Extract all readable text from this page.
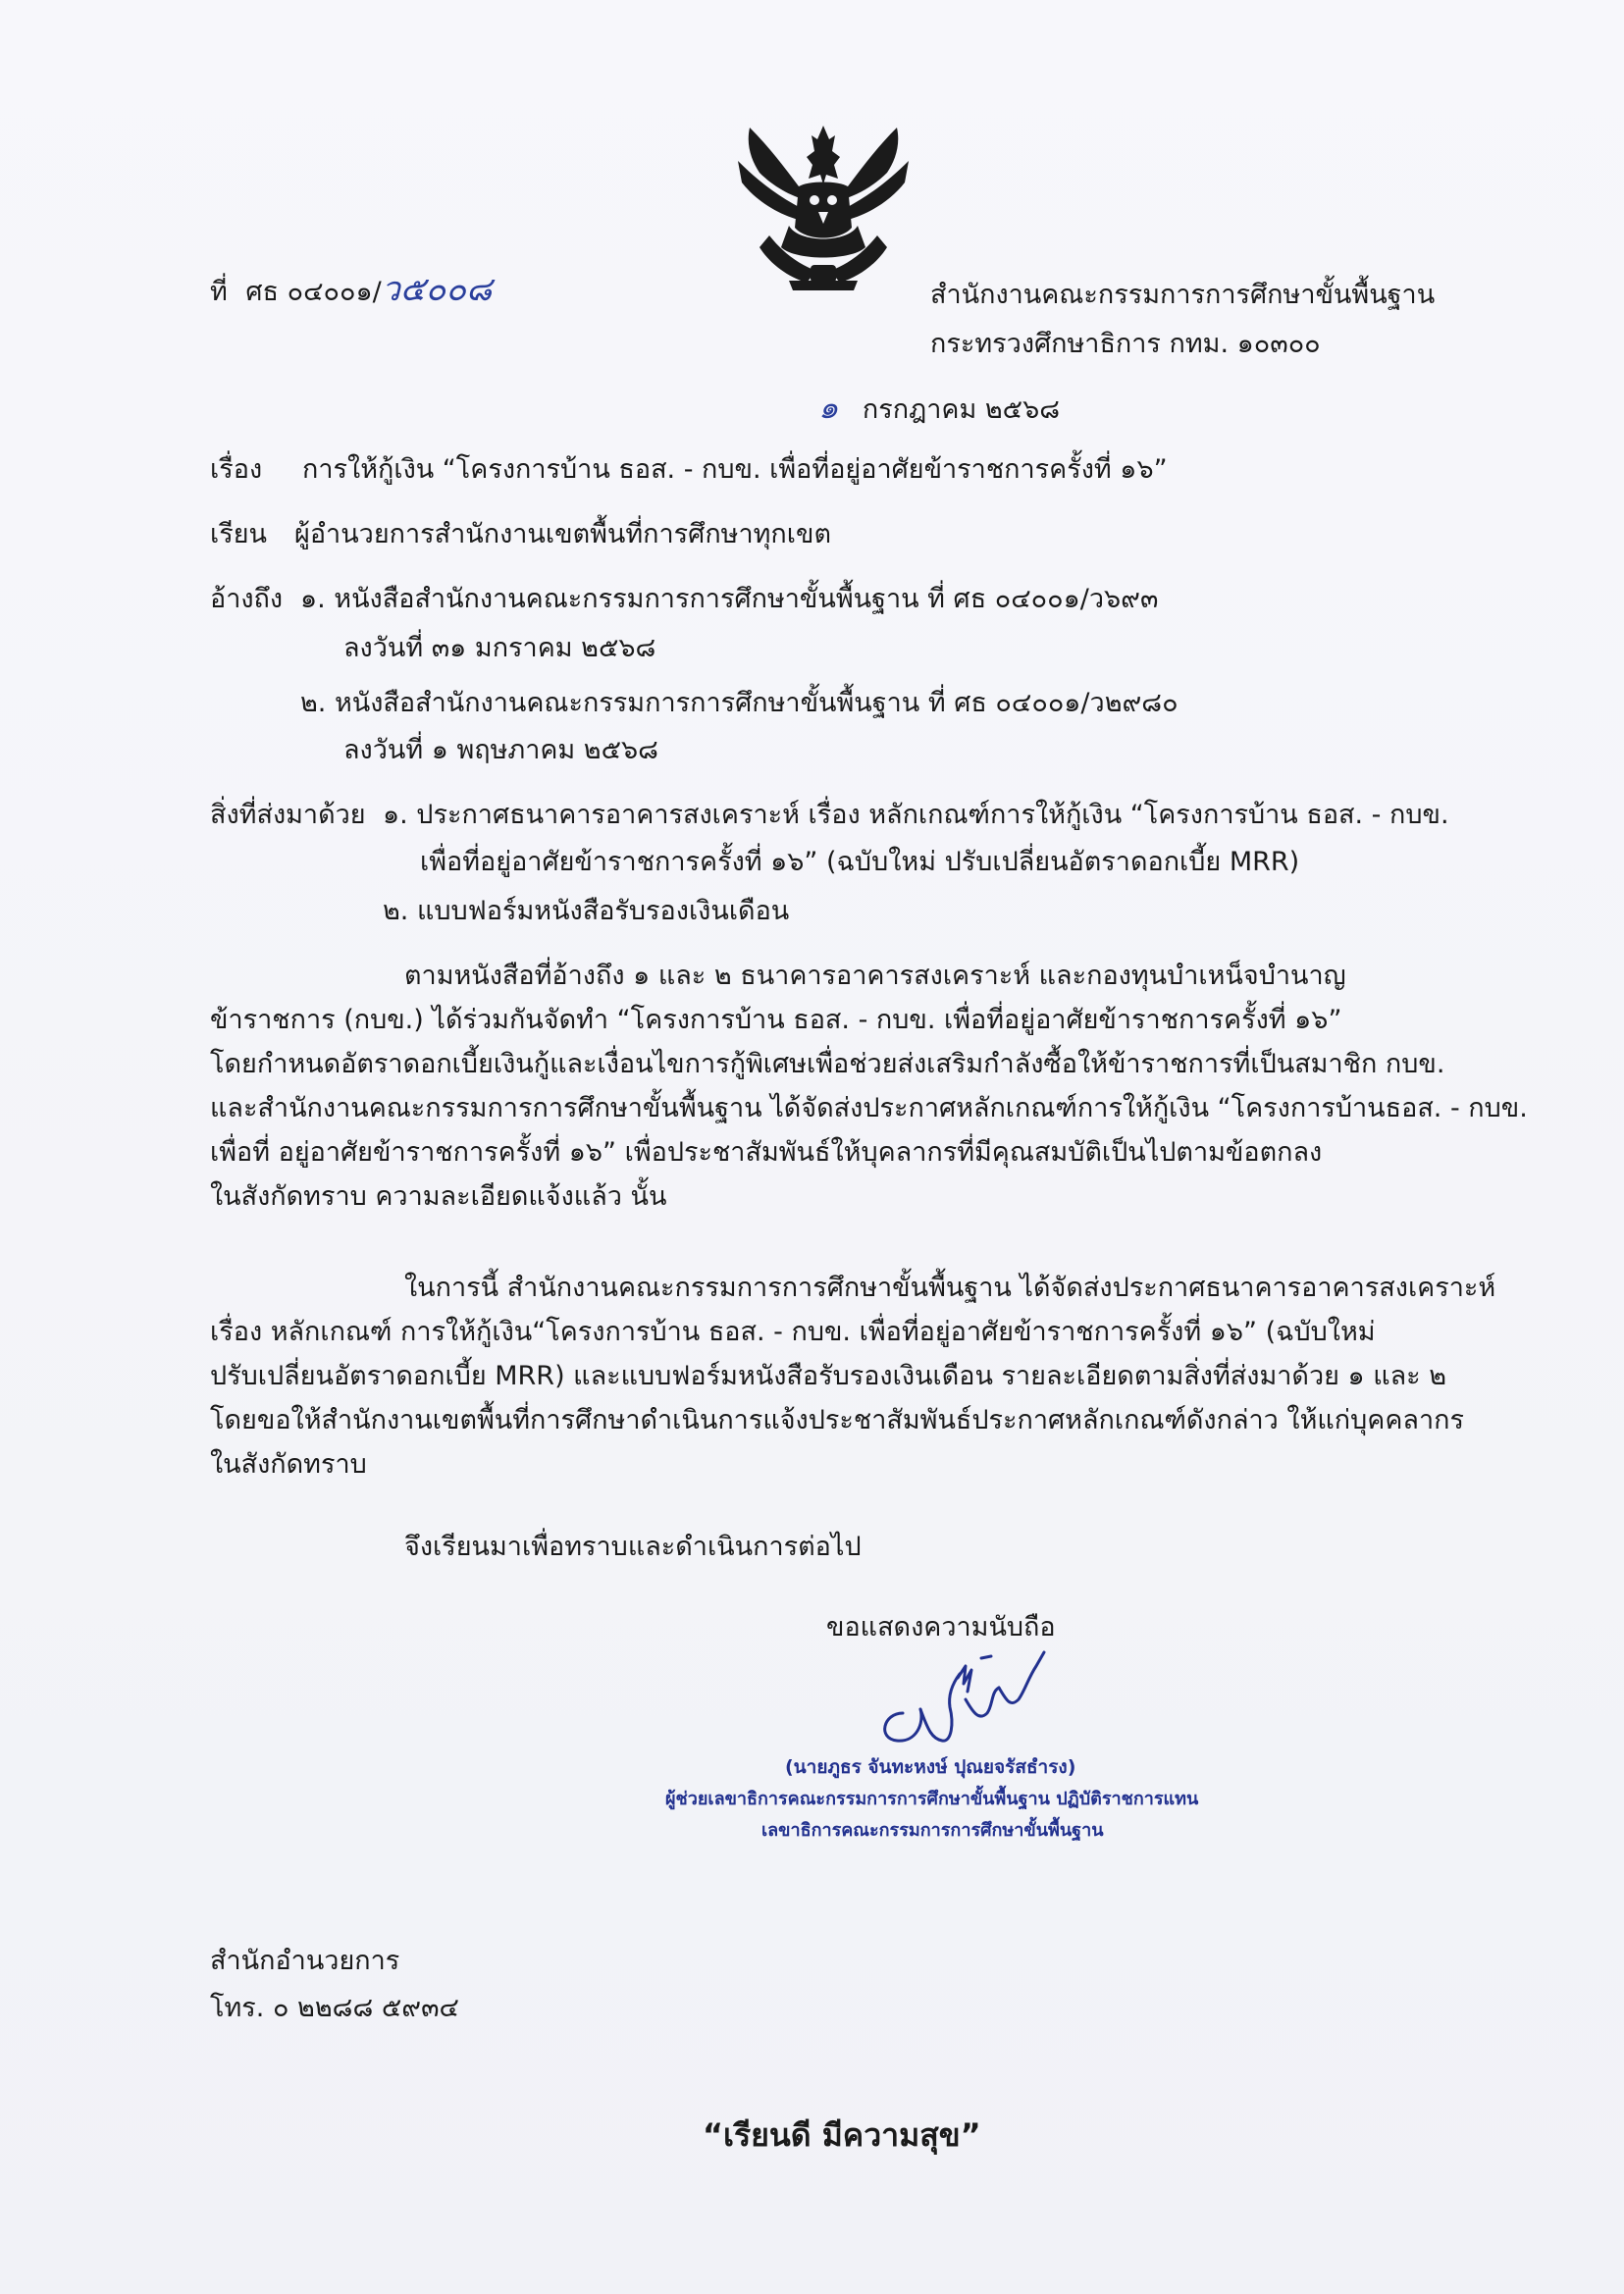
ที่ ศธ ๐๔๐๐๑/ว๕๐๐๘	สำนักงานคณะกรรมการการศึกษาขั้นพื้นฐาน
กระทรวงศึกษาธิการ กทม. ๑๐๓๐๐
๑ กรกฎาคม ๒๕๖๘
เรื่อง การให้กู้เงิน “โครงการบ้าน ธอส. - กบข. เพื่อที่อยู่อาศัยข้าราชการครั้งที่ ๑๖”
เรียน ผู้อำนวยการสำนักงานเขตพื้นที่การศึกษาทุกเขต
อ้างถึง ๑. หนังสือสำนักงานคณะกรรมการการศึกษาขั้นพื้นฐาน ที่ ศธ ๐๔๐๐๑/ว๖๙๓
ลงวันที่ ๓๑ มกราคม ๒๕๖๘
๒. หนังสือสำนักงานคณะกรรมการการศึกษาขั้นพื้นฐาน ที่ ศธ ๐๔๐๐๑/ว๒๙๘๐
ลงวันที่ ๑ พฤษภาคม ๒๕๖๘
สิ่งที่ส่งมาด้วย ๑. ประกาศธนาคารอาคารสงเคราะห์ เรื่อง หลักเกณฑ์การให้กู้เงิน “โครงการบ้าน ธอส. - กบข.
เพื่อที่อยู่อาศัยข้าราชการครั้งที่ ๑๖” (ฉบับใหม่ ปรับเปลี่ยนอัตราดอกเบี้ย MRR)
๒. แบบฟอร์มหนังสือรับรองเงินเดือน
ตามหนังสือที่อ้างถึง ๑ และ ๒ ธนาคารอาคารสงเคราะห์ และกองทุนบำเหน็จบำนาญ
ข้าราชการ (กบข.) ได้ร่วมกันจัดทำ “โครงการบ้าน ธอส. - กบข. เพื่อที่อยู่อาศัยข้าราชการครั้งที่ ๑๖”
โดยกำหนดอัตราดอกเบี้ยเงินกู้และเงื่อนไขการกู้พิเศษเพื่อช่วยส่งเสริมกำลังซื้อให้ข้าราชการที่เป็นสมาชิก กบข.
และสำนักงานคณะกรรมการการศึกษาขั้นพื้นฐาน ได้จัดส่งประกาศหลักเกณฑ์การให้กู้เงิน “โครงการบ้านธอส. - กบข.
เพื่อที่ อยู่อาศัยข้าราชการครั้งที่ ๑๖” เพื่อประชาสัมพันธ์ให้บุคลากรที่มีคุณสมบัติเป็นไปตามข้อตกลง
ในสังกัดทราบ ความละเอียดแจ้งแล้ว นั้น
ในการนี้ สำนักงานคณะกรรมการการศึกษาขั้นพื้นฐาน ได้จัดส่งประกาศธนาคารอาคารสงเคราะห์
เรื่อง หลักเกณฑ์ การให้กู้เงิน“โครงการบ้าน ธอส. - กบข. เพื่อที่อยู่อาศัยข้าราชการครั้งที่ ๑๖” (ฉบับใหม่
ปรับเปลี่ยนอัตราดอกเบี้ย MRR) และแบบฟอร์มหนังสือรับรองเงินเดือน รายละเอียดตามสิ่งที่ส่งมาด้วย ๑ และ ๒
โดยขอให้สำนักงานเขตพื้นที่การศึกษาดำเนินการแจ้งประชาสัมพันธ์ประกาศหลักเกณฑ์ดังกล่าว ให้แก่บุคคลากร
ในสังกัดทราบ
จึงเรียนมาเพื่อทราบและดำเนินการต่อไป
ขอแสดงความนับถือ
(นายภูธร จันทะหงษ์ ปุณยจรัสธำรง)
ผู้ช่วยเลขาธิการคณะกรรมการการศึกษาขั้นพื้นฐาน ปฏิบัติราชการแทน
เลขาธิการคณะกรรมการการศึกษาขั้นพื้นฐาน
สำนักอำนวยการ
โทร. ๐ ๒๒๘๘ ๕๙๓๔
“เรียนดี มีความสุข”
